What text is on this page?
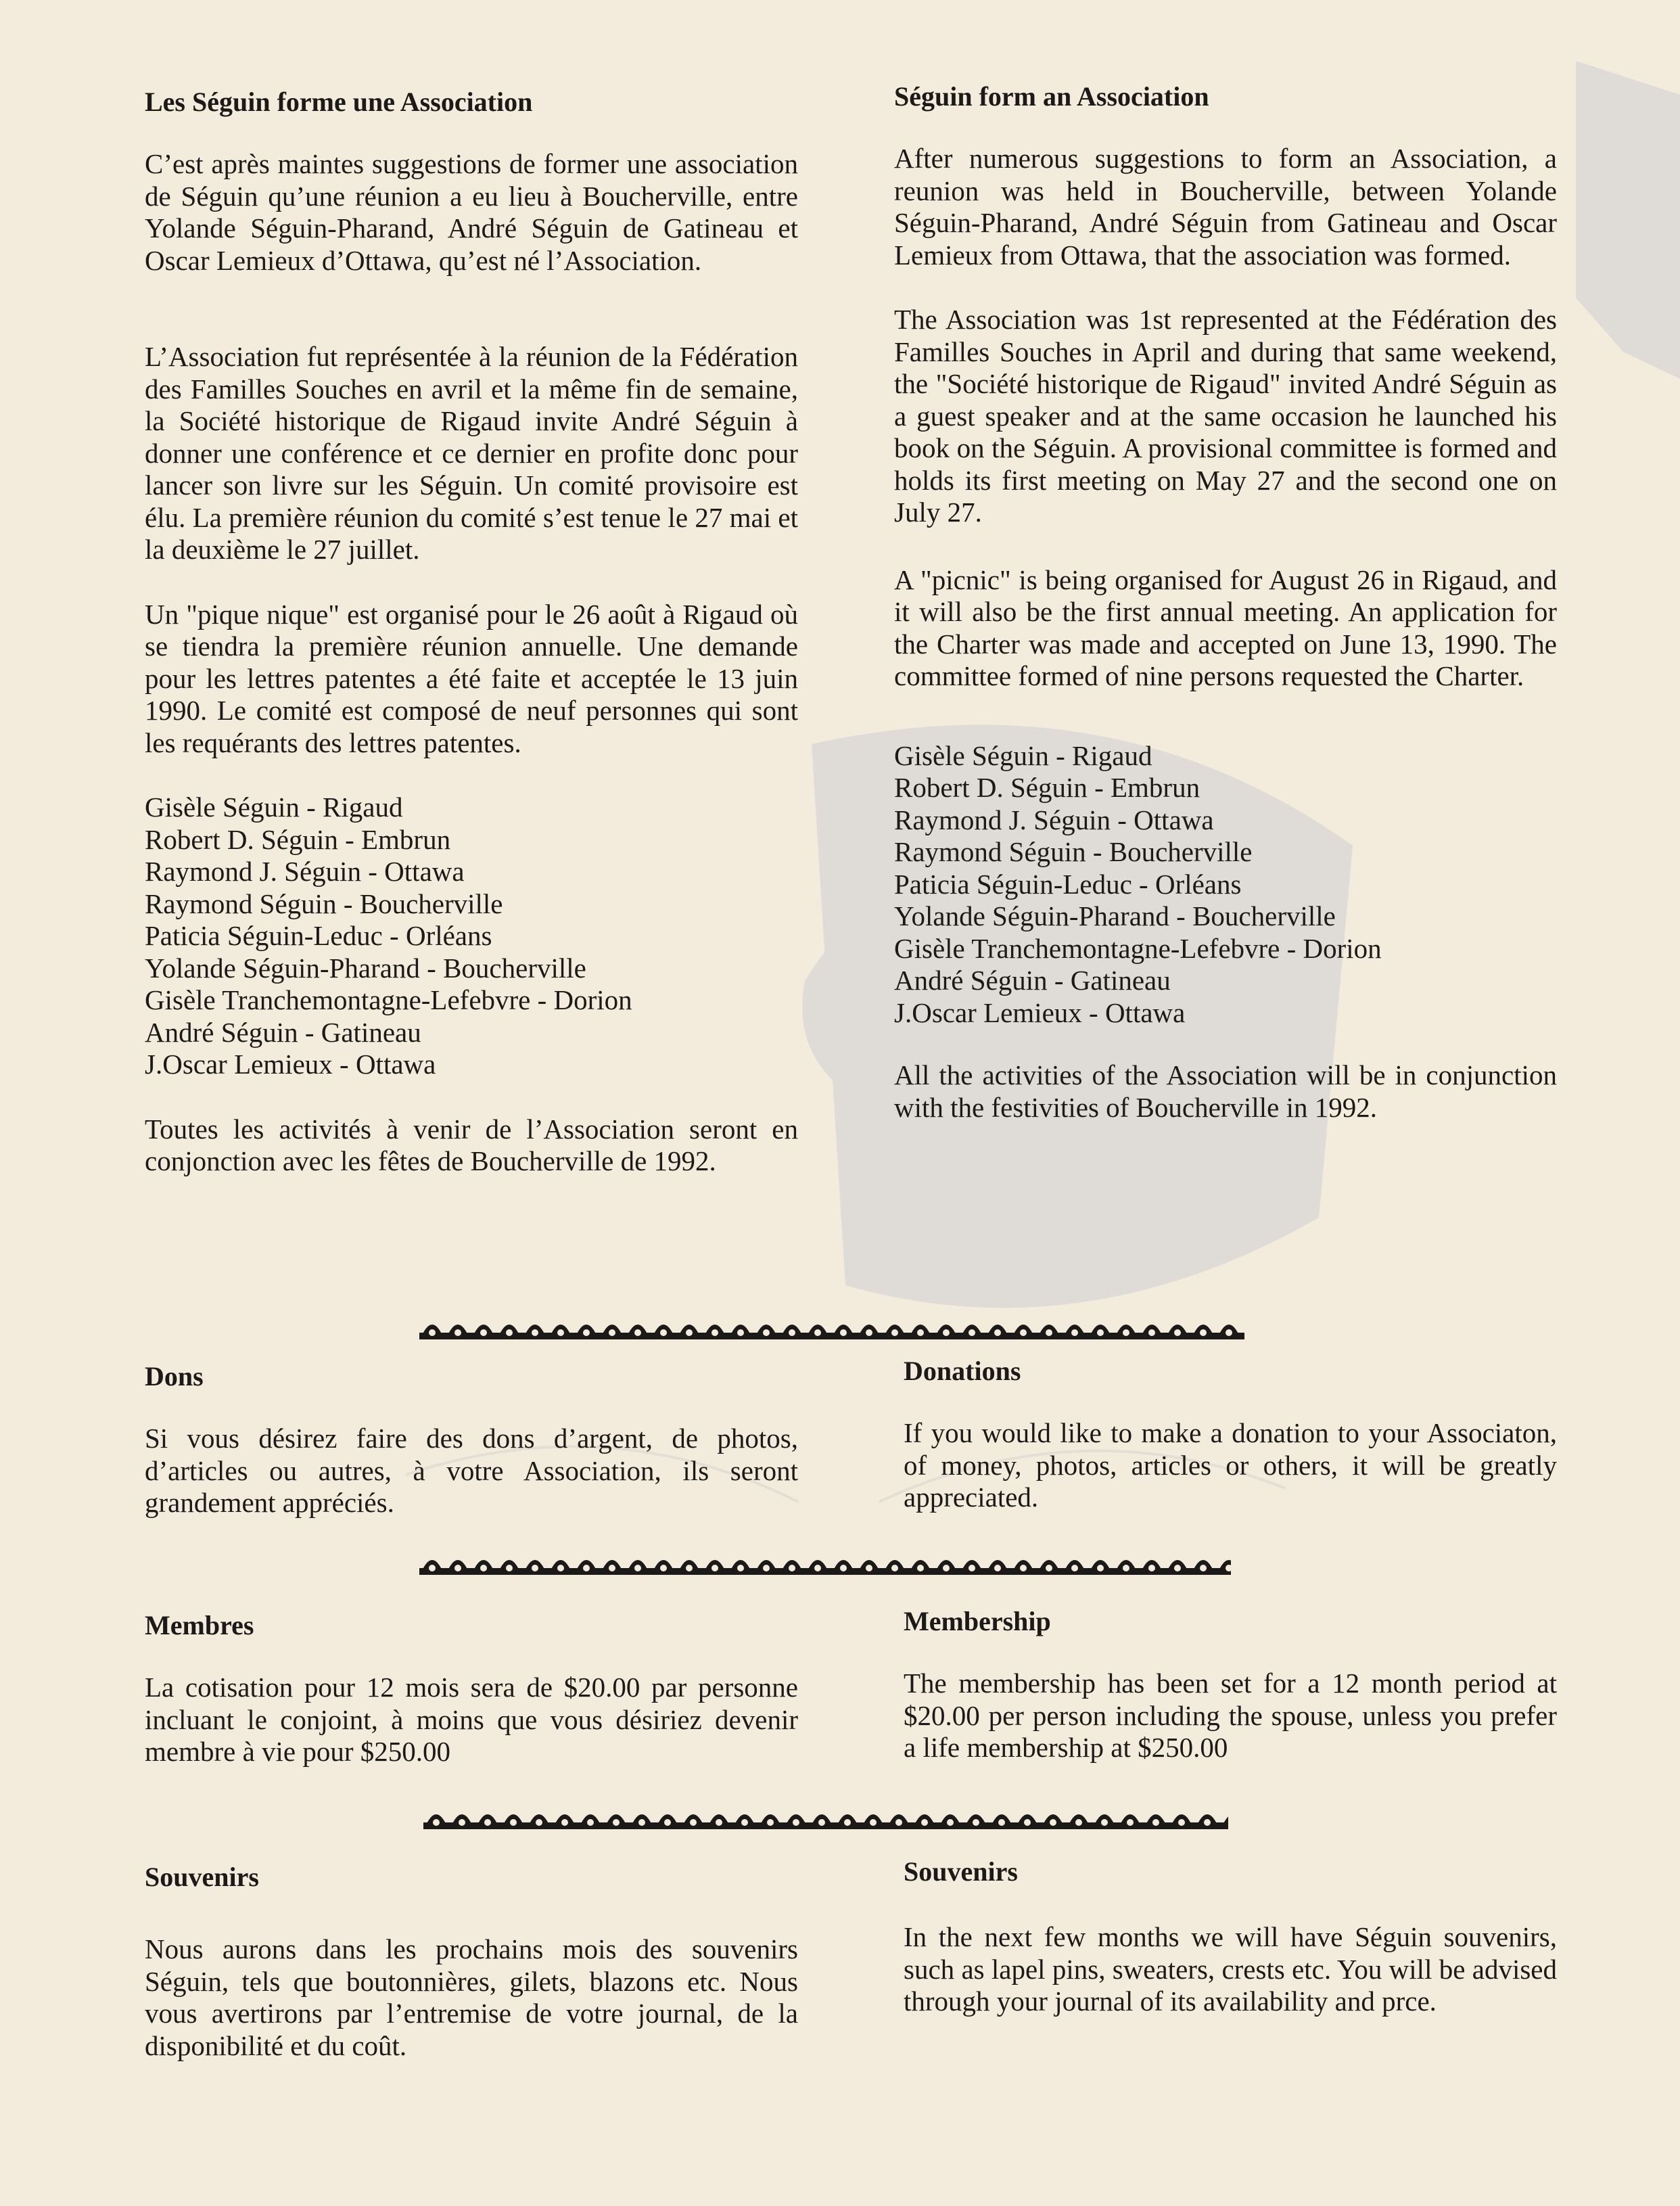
Les Séguin forme une Association

C’est après maintes suggestions de former une association de Séguin qu’une réunion a eu lieu à Boucherville, entre Yolande Séguin-Pharand, André Séguin de Gatineau et Oscar Lemieux d’Ottawa, qu’est né l’Association.

L’Association fut représentée à la réunion de la Fédération des Familles Souches en avril et la même fin de semaine, la Société historique de Rigaud invite André Séguin à donner une conférence et ce dernier en profite donc pour lancer son livre sur les Séguin. Un comité provisoire est élu. La première réunion du comité s’est tenue le 27 mai et la deuxième le 27 juillet.

Un "pique nique" est organisé pour le 26 août à Rigaud où se tiendra la première réunion annuelle. Une demande pour les lettres patentes a été faite et acceptée le 13 juin 1990. Le comité est composé de neuf personnes qui sont les requérants des lettres patentes.

Gisèle Séguin - Rigaud
Robert D. Séguin - Embrun
Raymond J. Séguin - Ottawa
Raymond Séguin - Boucherville
Paticia Séguin-Leduc - Orléans
Yolande Séguin-Pharand - Boucherville
Gisèle Tranchemontagne-Lefebvre - Dorion
André Séguin - Gatineau
J.Oscar Lemieux - Ottawa

Toutes les activités à venir de l’Association seront en conjonction avec les fêtes de Boucherville de 1992.

Séguin form an Association

After numerous suggestions to form an Association, a reunion was held in Boucherville, between Yolande Séguin-Pharand, André Séguin from Gatineau and Oscar Lemieux from Ottawa, that the association was formed.

The Association was 1st represented at the Fédération des Familles Souches in April and during that same weekend, the "Société historique de Rigaud" invited André Séguin as a guest speaker and at the same occasion he launched his book on the Séguin. A provisional committee is formed and holds its first meeting on May 27 and the second one on July 27.

A "picnic" is being organised for August 26 in Rigaud, and it will also be the first annual meeting. An application for the Charter was made and accepted on June 13, 1990. The committee formed of nine persons requested the Charter.

Gisèle Séguin - Rigaud
Robert D. Séguin - Embrun
Raymond J. Séguin - Ottawa
Raymond Séguin - Boucherville
Paticia Séguin-Leduc - Orléans
Yolande Séguin-Pharand - Boucherville
Gisèle Tranchemontagne-Lefebvre - Dorion
André Séguin - Gatineau
J.Oscar Lemieux - Ottawa

All the activities of the Association will be in conjunction with the festivities of Boucherville in 1992.

Dons

Si vous désirez faire des dons d’argent, de photos, d’articles ou autres, à votre Association, ils seront grandement appréciés.

Donations

If you would like to make a donation to your Associaton, of money, photos, articles or others, it will be greatly appreciated.

Membres

La cotisation pour 12 mois sera de $20.00 par personne incluant le conjoint, à moins que vous désiriez devenir membre à vie pour $250.00

Membership

The membership has been set for a 12 month period at $20.00 per person including the spouse, unless you prefer a life membership at $250.00

Souvenirs

Nous aurons dans les prochains mois des souvenirs Séguin, tels que boutonnières, gilets, blazons etc. Nous vous avertirons par l’entremise de votre journal, de la disponibilité et du coût.

Souvenirs

In the next few months we will have Séguin souvenirs, such as lapel pins, sweaters, crests etc. You will be advised through your journal of its availability and prce.
